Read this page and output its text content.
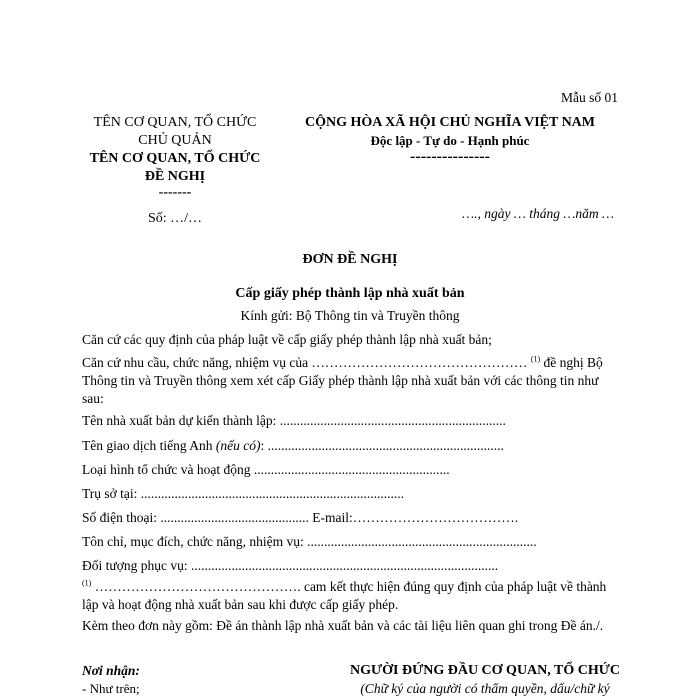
Mẫu số 01
TÊN CƠ QUAN, TỔ CHỨC
CHỦ QUẢN
TÊN CƠ QUAN, TỔ CHỨC
ĐỀ NGHỊ
-------
Số: …/…
CỘNG HÒA XÃ HỘI CHỦ NGHĨA VIỆT NAM
Độc lập - Tự do - Hạnh phúc
---------------
…., ngày … tháng …năm …
ĐƠN ĐỀ NGHỊ
Cấp giấy phép thành lập nhà xuất bản
Kính gửi: Bộ Thông tin và Truyền thông
Căn cứ các quy định của pháp luật về cấp giấy phép thành lập nhà xuất bản;
Căn cứ nhu cầu, chức năng, nhiệm vụ của ………………………………………… $^{(1)}$ đề nghị Bộ
Thông tin và Truyền thông xem xét cấp Giấy phép thành lập nhà xuất bản với các thông tin như
sau:
Tên nhà xuất bản dự kiến thành lập: ...................................................................
Tên giao dịch tiếng Anh (nếu có): ......................................................................
Loại hình tổ chức và hoạt động ..........................................................
Trụ sở tại: ..............................................................................
Số điện thoại: ............................................ E-mail:……………………………….
Tôn chỉ, mục đích, chức năng, nhiệm vụ: ....................................................................
Đối tượng phục vụ: ...........................................................................................
$^{(1)}$ ………………………………………. cam kết thực hiện đúng quy định của pháp luật về thành
lập và hoạt động nhà xuất bản sau khi được cấp giấy phép.
Kèm theo đơn này gồm: Đề án thành lập nhà xuất bản và các tài liệu liên quan ghi trong Đề án./.
Nơi nhận:
- Như trên;
NGƯỜI ĐỨNG ĐẦU CƠ QUAN, TỔ CHỨC
(Chữ ký của người có thẩm quyền, dấu/chữ ký
